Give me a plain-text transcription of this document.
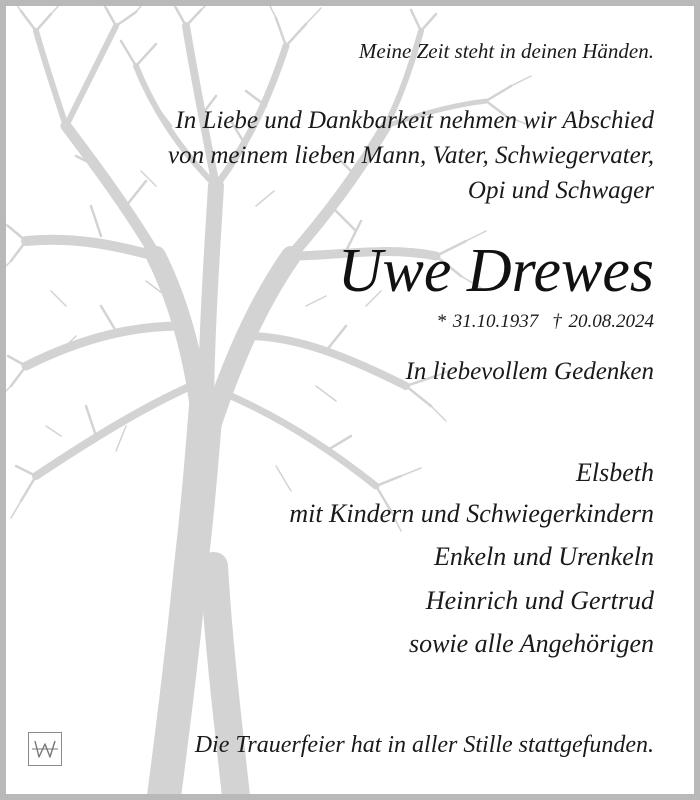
Meine Zeit steht in deinen Händen.
In Liebe und Dankbarkeit nehmen wir Abschied
von meinem lieben Mann, Vater, Schwiegervater,
Opi und Schwager
Uwe Drewes
* 31.10.1937 † 20.08.2024
In liebevollem Gedenken
Elsbeth
mit Kindern und Schwiegerkindern
Enkeln und Urenkeln
Heinrich und Gertrud
sowie alle Angehörigen
Die Trauerfeier hat in aller Stille stattgefunden.
